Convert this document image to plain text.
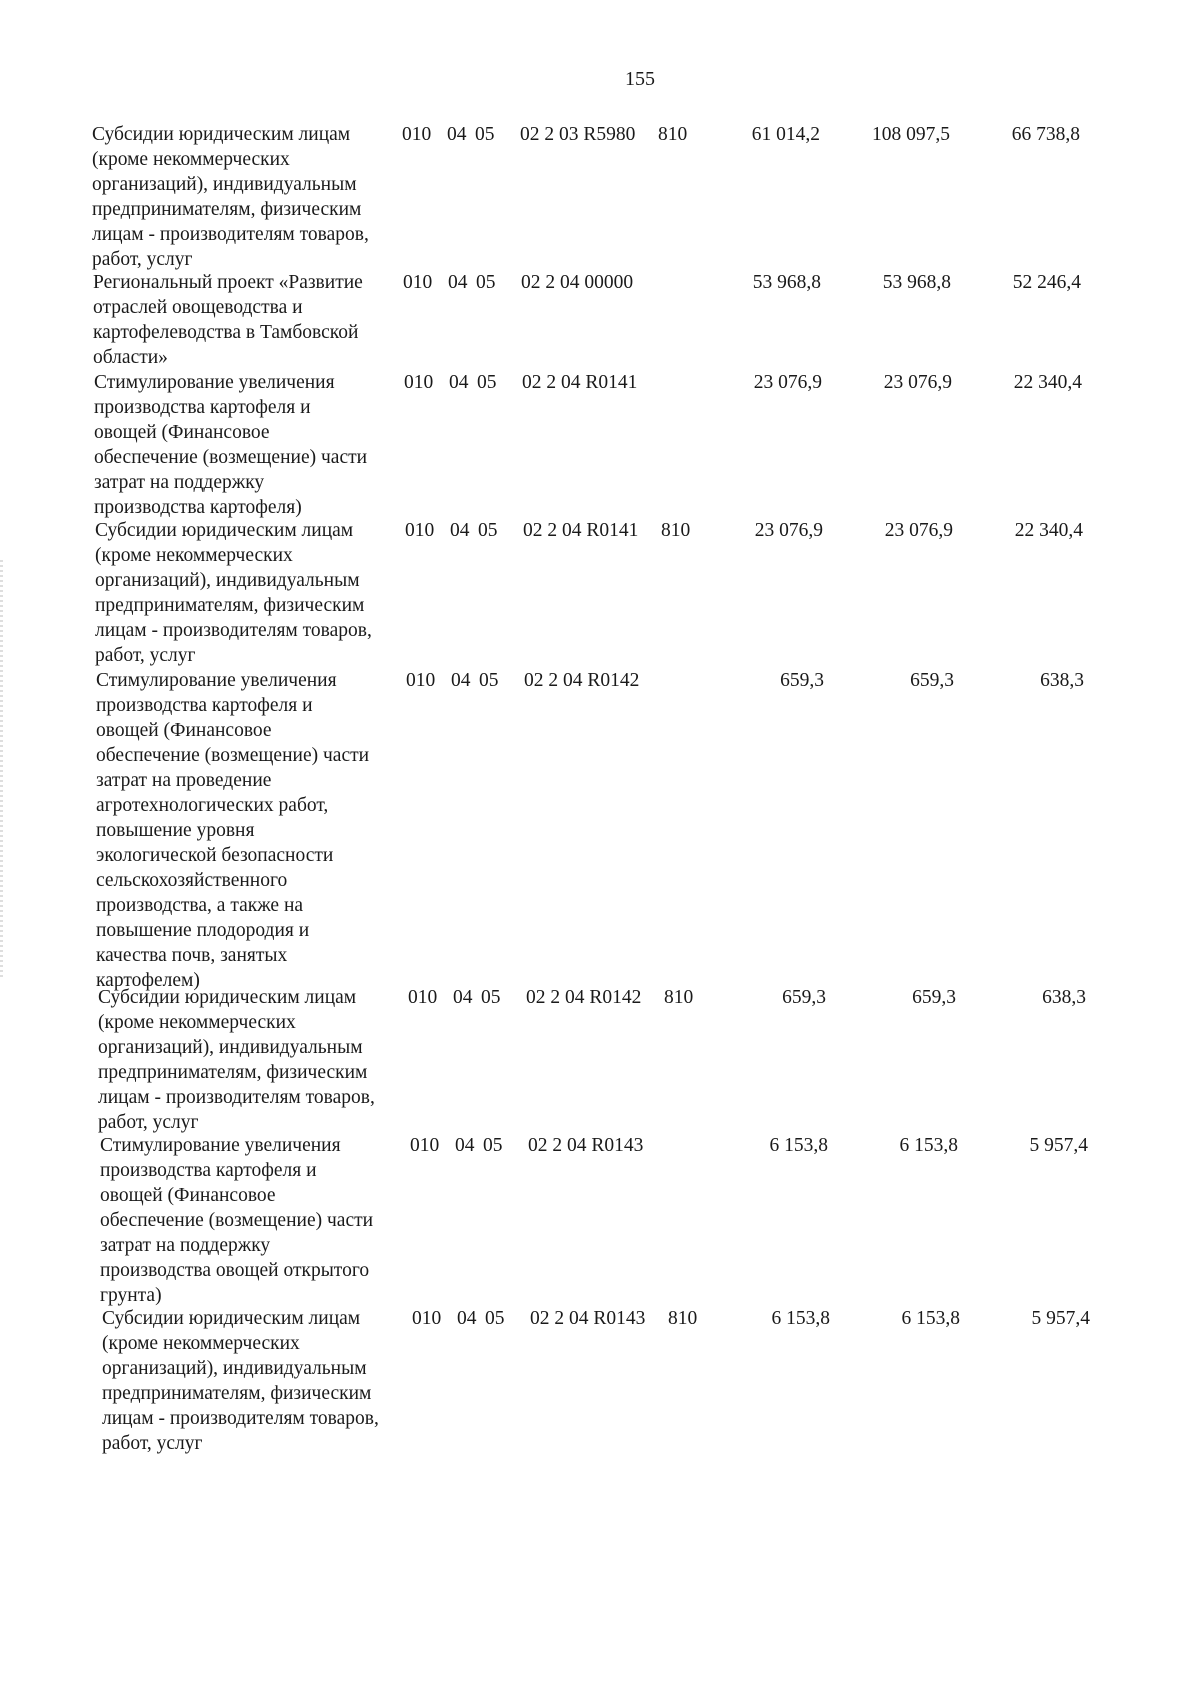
155
Субсидии юридическим лицам
(кроме некоммерческих
организаций), индивидуальным
предпринимателям, физическим
лицам - производителям товаров,
работ, услуг
010 04 05 02 2 03 R5980 810	61 014,2	108 097,5	66 738,8
Региональный проект «Развитие
отраслей овощеводства и
картофелеводства в Тамбовской
области»
010 04 05 02 2 04 00000	53 968,8	53 968,8	52 246,4
Стимулирование увеличения
производства картофеля и
овощей (Финансовое
обеспечение (возмещение) части
затрат на поддержку
производства картофеля)
010 04 05 02 2 04 R0141	23 076,9	23 076,9	22 340,4
Субсидии юридическим лицам
(кроме некоммерческих
организаций), индивидуальным
предпринимателям, физическим
лицам - производителям товаров,
работ, услуг
010 04 05 02 2 04 R0141 810	23 076,9	23 076,9	22 340,4
Стимулирование увеличения
производства картофеля и
овощей (Финансовое
обеспечение (возмещение) части
затрат на проведение
агротехнологических работ,
повышение уровня
экологической безопасности
сельскохозяйственного
производства, а также на
повышение плодородия и
качества почв, занятых
картофелем)
010 04 05 02 2 04 R0142	659,3	659,3	638,3
Субсидии юридическим лицам
(кроме некоммерческих
организаций), индивидуальным
предпринимателям, физическим
лицам - производителям товаров,
работ, услуг
010 04 05 02 2 04 R0142 810	659,3	659,3	638,3
Стимулирование увеличения
производства картофеля и
овощей (Финансовое
обеспечение (возмещение) части
затрат на поддержку
производства овощей открытого
грунта)
010 04 05 02 2 04 R0143	6 153,8	6 153,8	5 957,4
Субсидии юридическим лицам
(кроме некоммерческих
организаций), индивидуальным
предпринимателям, физическим
лицам - производителям товаров,
работ, услуг
010 04 05 02 2 04 R0143 810	6 153,8	6 153,8	5 957,4
